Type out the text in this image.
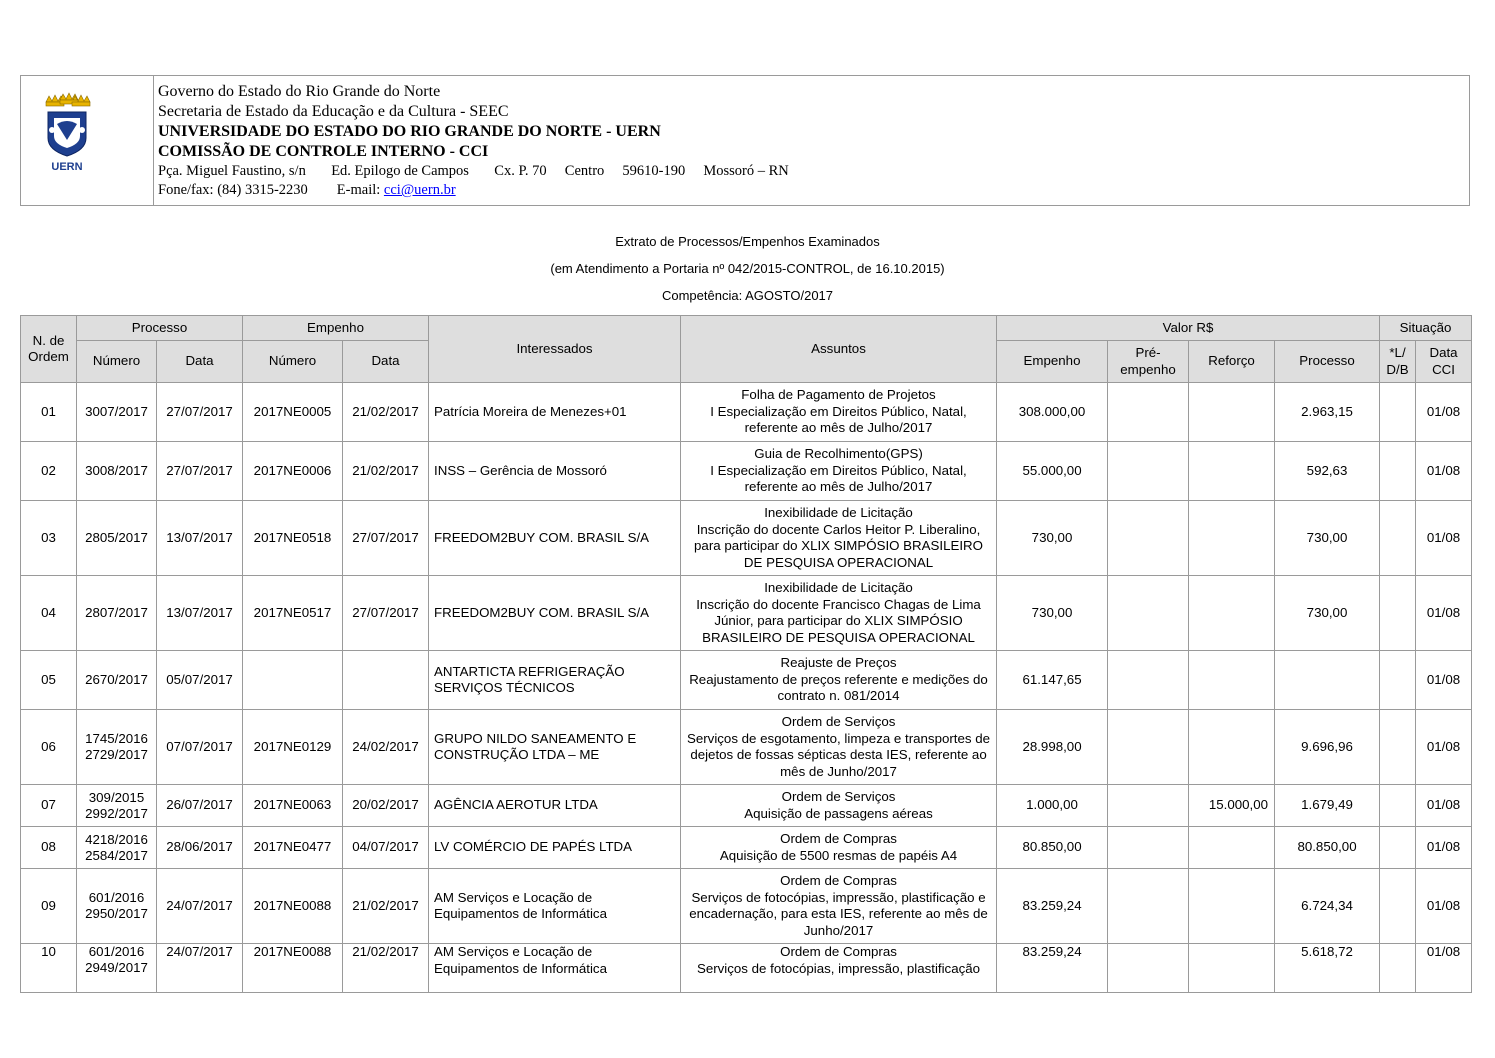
UERN
Governo do Estado do Rio Grande do Norte
Secretaria de Estado da Educação e da Cultura - SEEC
UNIVERSIDADE DO ESTADO DO RIO GRANDE DO NORTE - UERN
COMISSÃO DE CONTROLE INTERNO - CCI
Pça. Miguel Faustino, s/n       Ed. Epilogo de Campos       Cx. P. 70     Centro     59610-190     Mossoró – RN
Fone/fax: (84) 3315-2230        E-mail: cci@uern.br
Extrato de Processos/Empenhos Examinados
(em Atendimento a Portaria nº 042/2015-CONTROL, de 16.10.2015)
Competência: AGOSTO/2017
N. de Ordem	Processo		Empenho		Interessados	Assuntos	Valor R$				Situação	
	Número	Data	Número	Data			Empenho	Pré-empenho	Reforço	Processo	*L/ D/B	Data CCI
01	3007/2017	27/07/2017	2017NE0005	21/02/2017	Patrícia Moreira de Menezes+01	Folha de Pagamento de Projetos
I Especialização em Direitos Público, Natal, referente ao mês de Julho/2017	308.000,00			2.963,15		01/08
02	3008/2017	27/07/2017	2017NE0006	21/02/2017	INSS – Gerência de Mossoró	Guia de Recolhimento(GPS)
I Especialização em Direitos Público, Natal, referente ao mês de Julho/2017	55.000,00			592,63		01/08
03	2805/2017	13/07/2017	2017NE0518	27/07/2017	FREEDOM2BUY COM. BRASIL S/A	Inexibilidade de Licitação
Inscrição do docente Carlos Heitor P. Liberalino, para participar do XLIX SIMPÓSIO BRASILEIRO DE PESQUISA OPERACIONAL	730,00			730,00		01/08
04	2807/2017	13/07/2017	2017NE0517	27/07/2017	FREEDOM2BUY COM. BRASIL S/A	Inexibilidade de Licitação
Inscrição do docente Francisco Chagas de Lima Júnior, para participar do XLIX SIMPÓSIO BRASILEIRO DE PESQUISA OPERACIONAL	730,00			730,00		01/08
05	2670/2017	05/07/2017			ANTARTICTA REFRIGERAÇÃO SERVIÇOS TÉCNICOS	Reajuste de Preços
Reajustamento de preços referente e medições do contrato n. 081/2014	61.147,65					01/08
06	1745/2016
2729/2017	07/07/2017	2017NE0129	24/02/2017	GRUPO NILDO SANEAMENTO E CONSTRUÇÃO LTDA – ME	Ordem de Serviços
Serviços de esgotamento, limpeza e transportes de dejetos de fossas sépticas desta IES, referente ao mês de Junho/2017	28.998,00			9.696,96		01/08
07	309/2015
2992/2017	26/07/2017	2017NE0063	20/02/2017	AGÊNCIA AEROTUR LTDA	Ordem de Serviços
Aquisição de passagens aéreas	1.000,00		15.000,00	1.679,49		01/08
08	4218/2016
2584/2017	28/06/2017	2017NE0477	04/07/2017	LV COMÉRCIO DE PAPÉS LTDA	Ordem de Compras
Aquisição de 5500 resmas de papéis A4	80.850,00			80.850,00		01/08
09	601/2016
2950/2017	24/07/2017	2017NE0088	21/02/2017	AM Serviços e Locação de Equipamentos de Informática	Ordem de Compras
Serviços de fotocópias, impressão, plastificação e encadernação, para esta IES, referente ao mês de Junho/2017	83.259,24			6.724,34		01/08
10	601/2016
2949/2017	24/07/2017	2017NE0088	21/02/2017	AM Serviços e Locação de Equipamentos de Informática	Ordem de Compras
Serviços de fotocópias, impressão, plastificação	83.259,24			5.618,72		01/08
